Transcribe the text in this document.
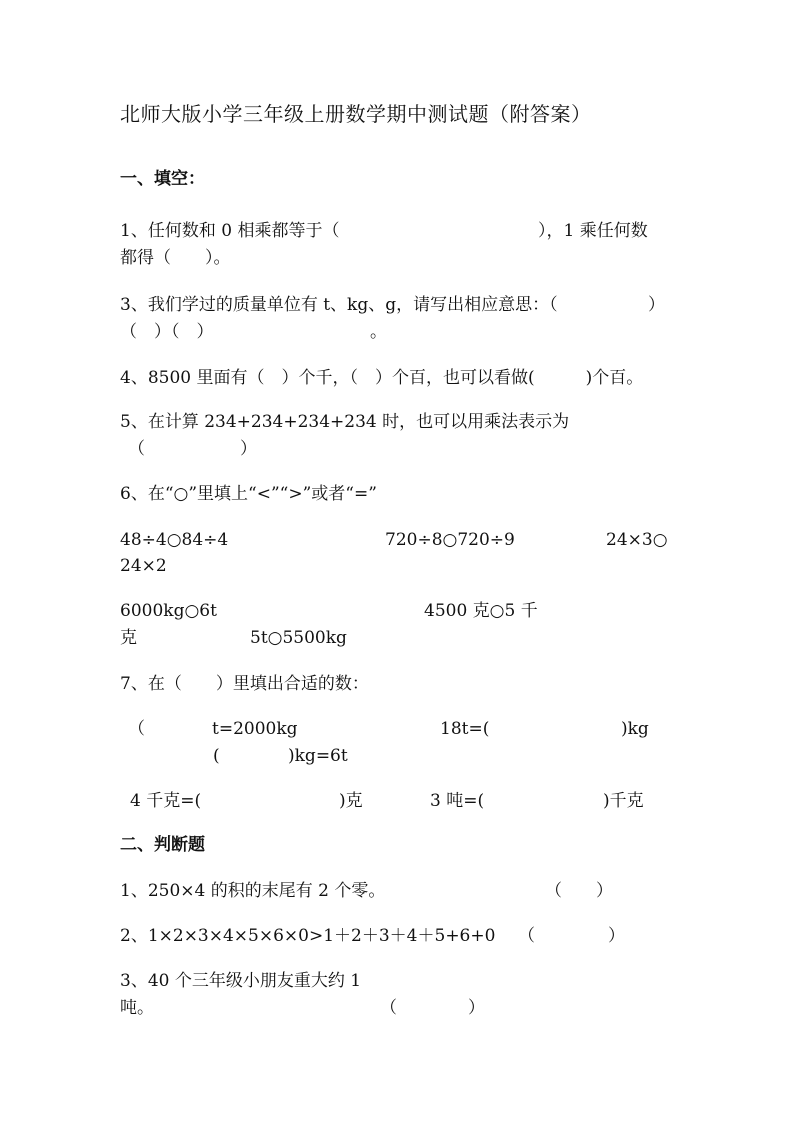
北师大版小学三年级上册数学期中测试题（附答案）
一、填空：
1、任何数和 0 相乘都等于（	），1 乘任何数
都得（　　）。
3、我们学过的质量单位有 t、kg、g，请写出相应意思：（	）
（　）（　）	。
4、8500 里面有（　）个千，（　）个百，也可以看做(　　　)个百。
5、在计算 234+234+234+234 时，也可以用乘法表示为
（	）
6、在“○”里填上“<”“>”或者“=”
48÷4○84÷4	720÷8○720÷9	24×3○
24×2
6000kg○6t	4500 克○5 千
克	5t○5500kg
7、在（　　）里填出合适的数：
（	t=2000kg	18t=(	)kg
(	)kg=6t
4 千克=(	)克	3 吨=(	)千克
二、判断题
1、250×4 的积的末尾有 2 个零。	（　　）
2、1×2×3×4×5×6×0>1＋2＋3＋4＋5+6+0 （	）
3、40 个三年级小朋友重大约 1
吨。	（	）
